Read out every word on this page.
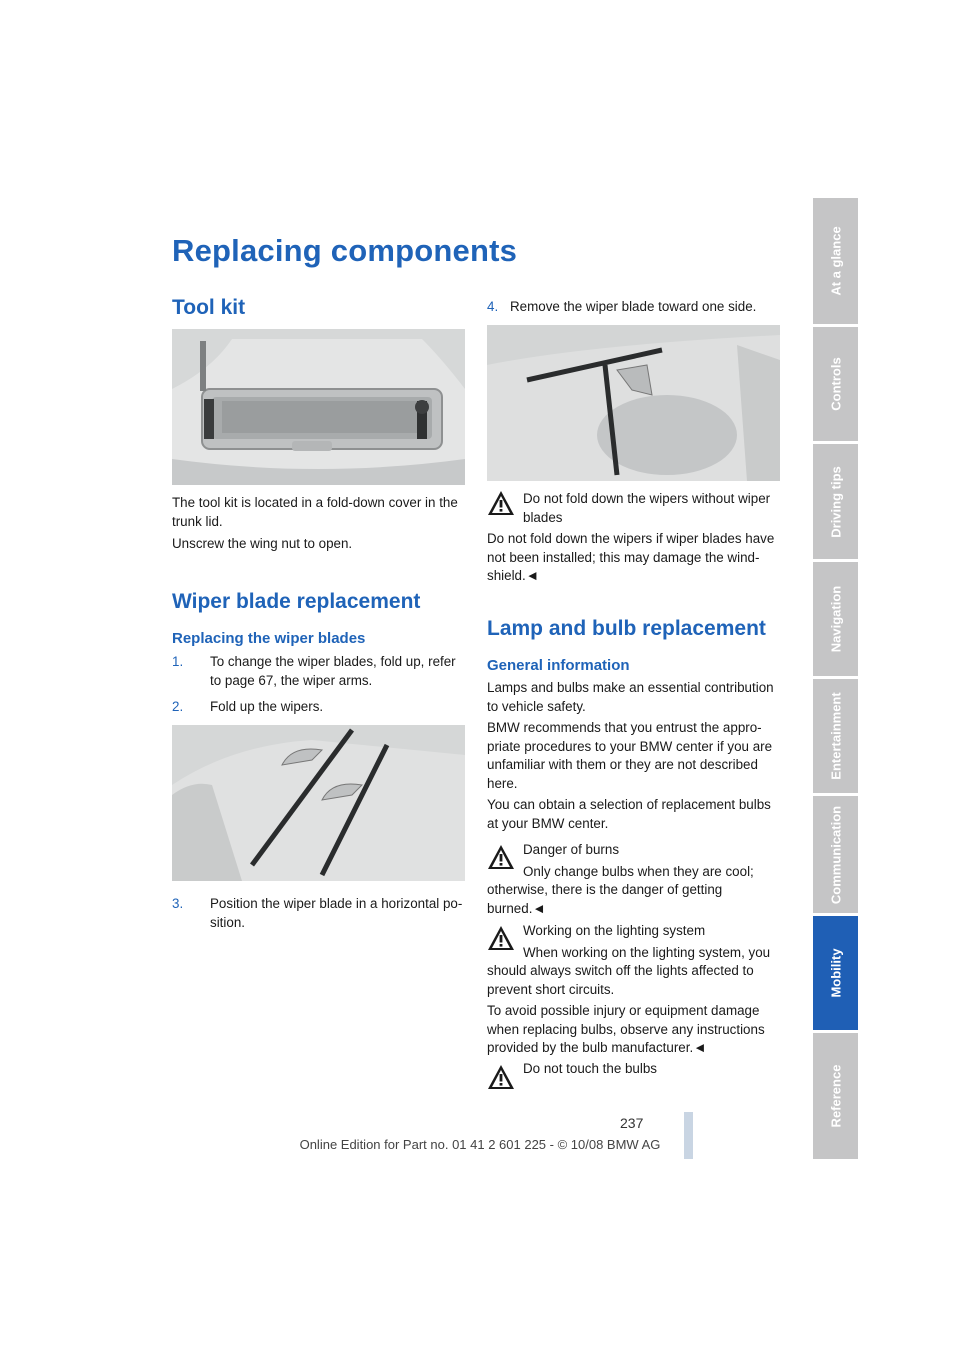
Replacing components
Tool kit
The tool kit is located in a fold-down cover in the trunk lid.
Unscrew the wing nut to open.
Wiper blade replacement
Replacing the wiper blades
1. To change the wiper blades, fold up, refer to page 67, the wiper arms.
2. Fold up the wipers.
3. Position the wiper blade in a horizontal po-sition.
4. Remove the wiper blade toward one side.
Do not fold down the wipers without wiper blades
Do not fold down the wipers if wiper blades have not been installed; this may damage the wind-shield.◄
Lamp and bulb replacement
General information
Lamps and bulbs make an essential contribution to vehicle safety.
BMW recommends that you entrust the appro-priate procedures to your BMW center if you are unfamiliar with them or they are not described here.
You can obtain a selection of replacement bulbs at your BMW center.
Danger of burns
Only change bulbs when they are cool;
otherwise, there is the danger of getting burned.◄
Working on the lighting system
When working on the lighting system, you
should always switch off the lights affected to prevent short circuits.
To avoid possible injury or equipment damage when replacing bulbs, observe any instructions provided by the bulb manufacturer.◄
Do not touch the bulbs
At a glance
Controls
Driving tips
Navigation
Entertainment
Communication
Mobility
Reference
237
Online Edition for Part no. 01 41 2 601 225 - © 10/08 BMW AG
